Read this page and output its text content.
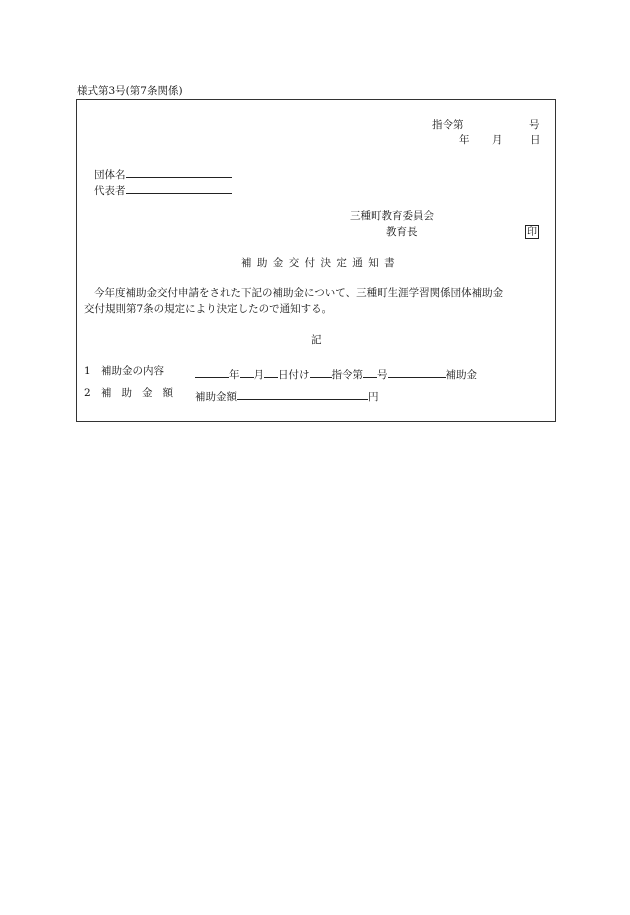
様式第3号(第7条関係)
指令第	号
年 月	日
団体名
代表者
三種町教育委員会
教育長	印
補助金交付決定通知書
今年度補助金交付申請をされた下記の補助金について、三種町生涯学習関係団体補助金
交付規則第7条の規定により決定したので通知する。
記
1 補助金の内容	年 月 日付け 指令第 号	補助金
2 補助金額 補助金額	円
